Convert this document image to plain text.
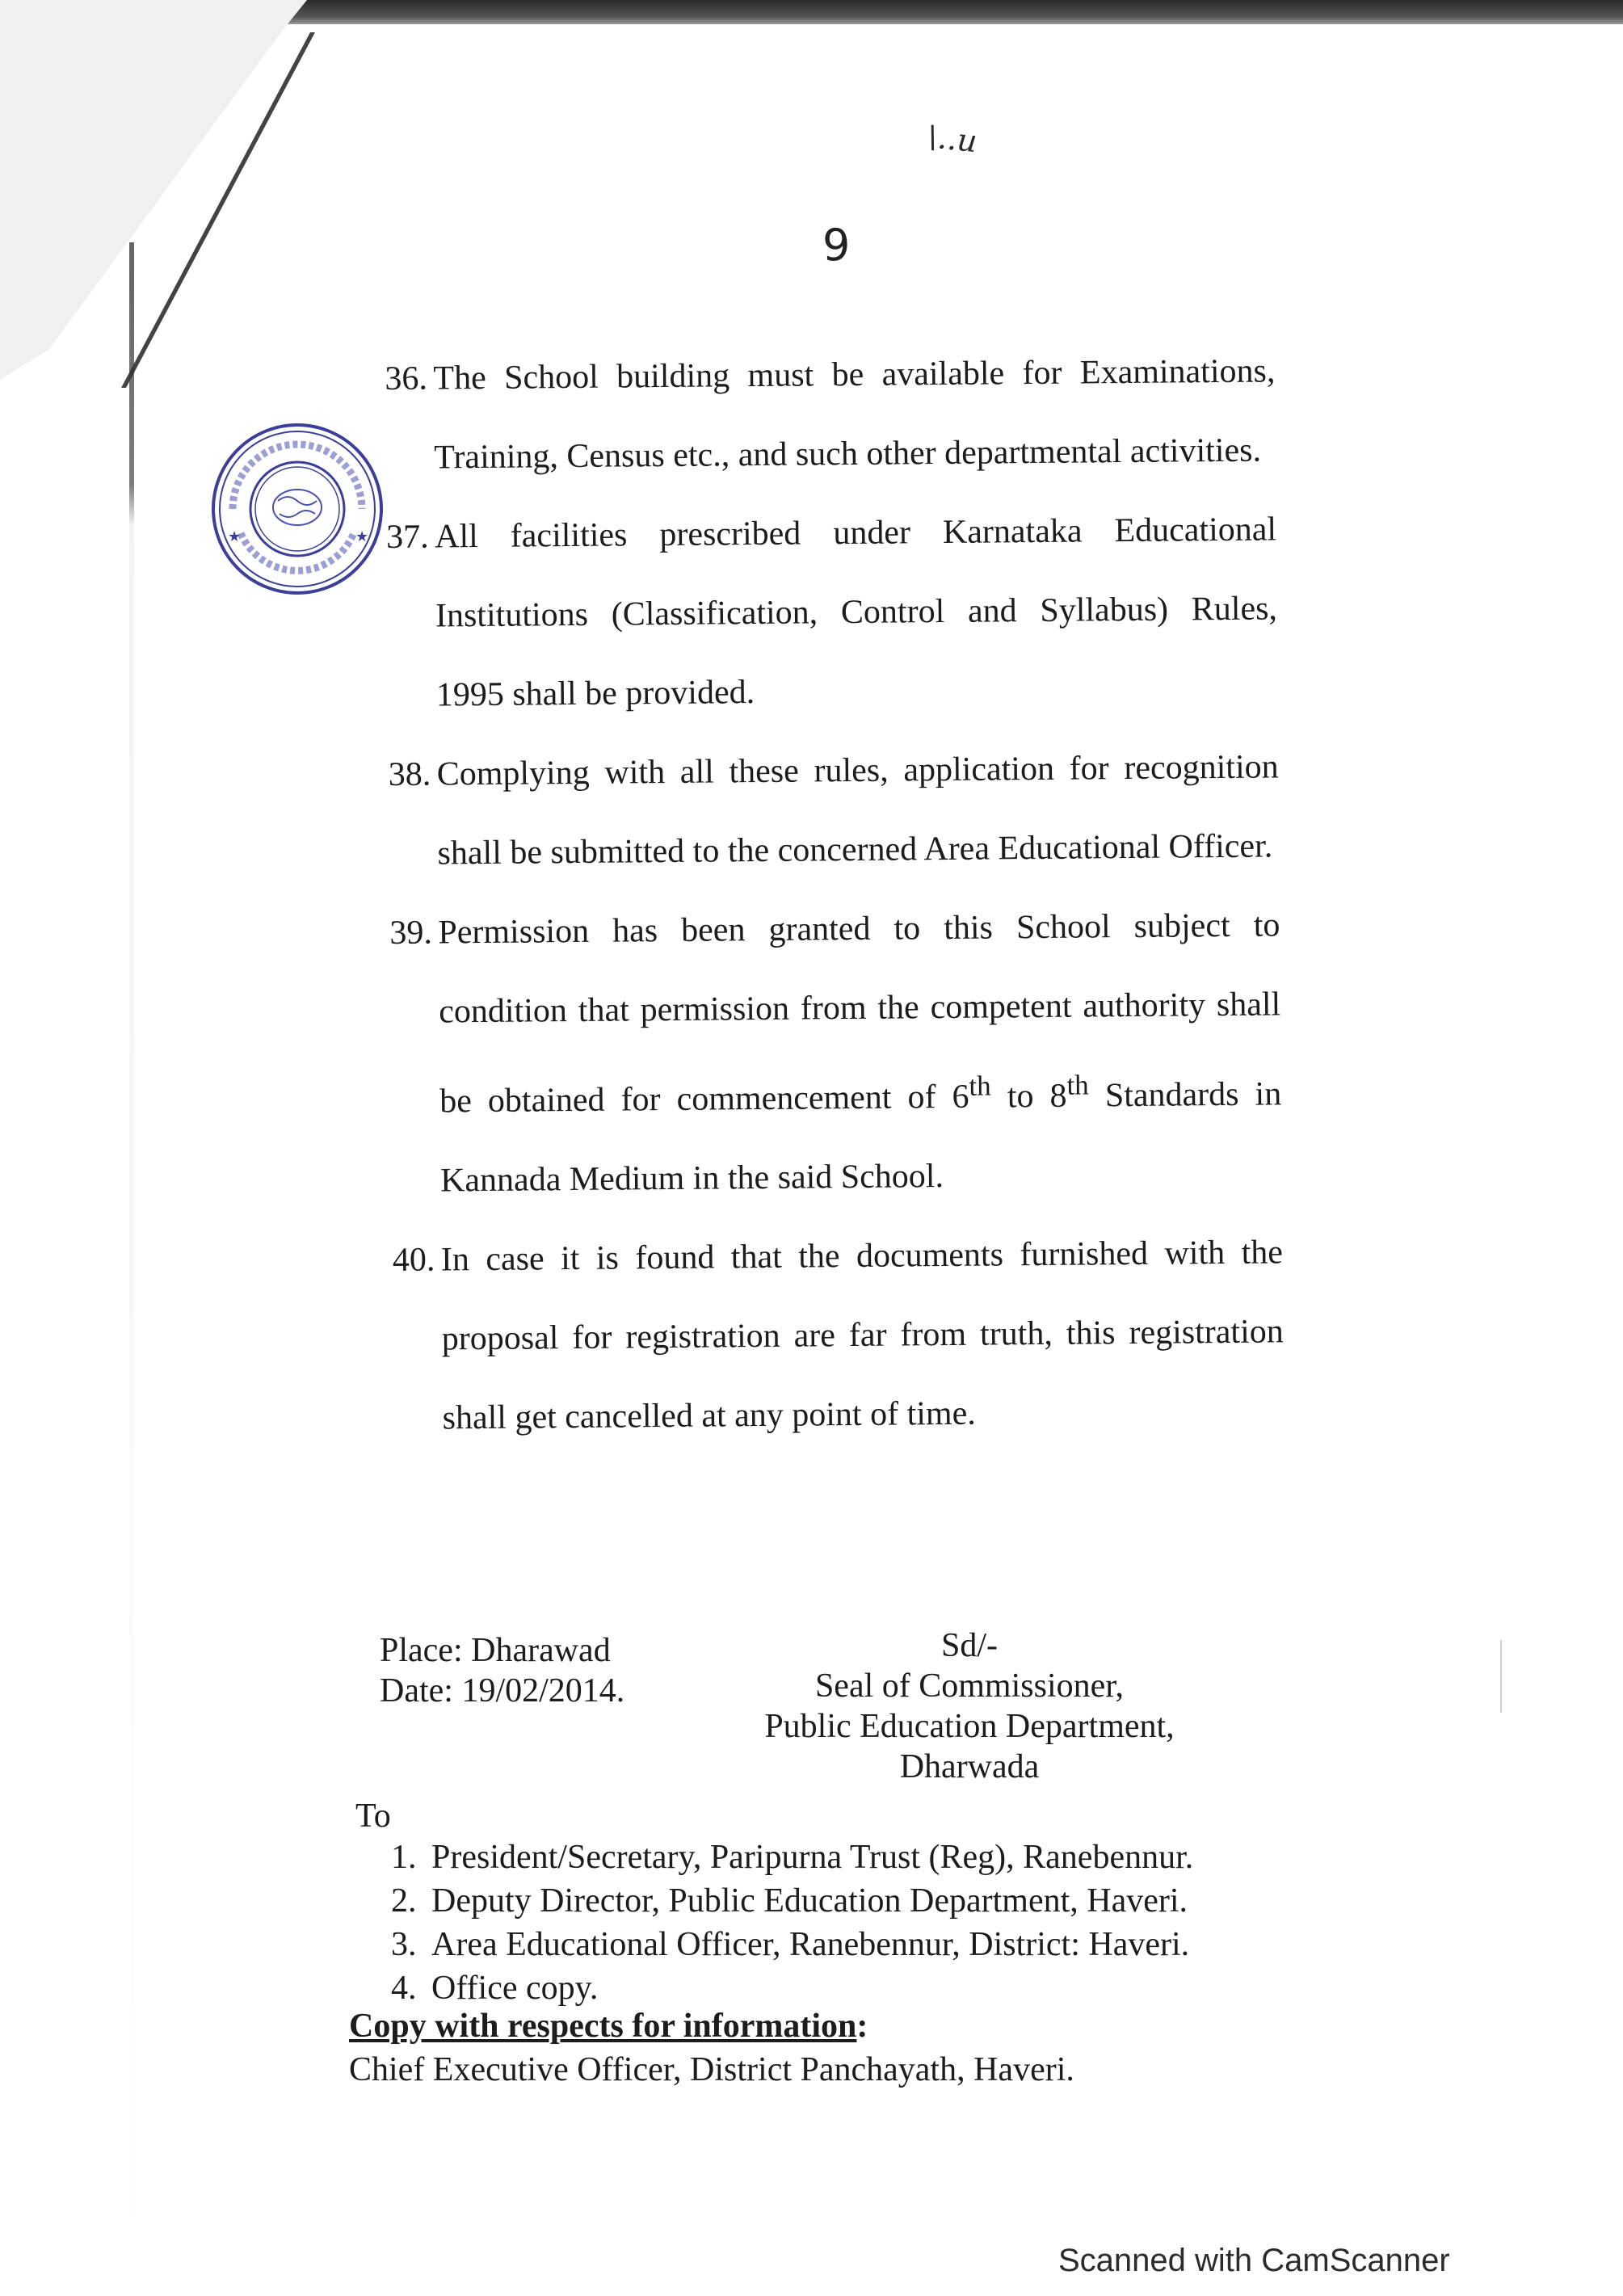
\..u
9
★
★
36. The School building must be available for Examinations, Training, Census etc., and such other departmental activities.
37. All facilities prescribed under Karnataka Educational Institutions (Classification, Control and Syllabus) Rules, 1995 shall be provided.
38. Complying with all these rules, application for recognition shall be submitted to the concerned Area Educational Officer.
39. Permission has been granted to this School subject to condition that permission from the competent authority shall be obtained for commencement of 6th to 8th Standards in Kannada Medium in the said School.
40. In case it is found that the documents furnished with the proposal for registration are far from truth, this registration shall get cancelled at any point of time.
Place: Dharawad
Date: 19/02/2014.
Sd/-
Seal of Commissioner,
Public Education Department,
Dharwada
To
1. President/Secretary, Paripurna Trust (Reg), Ranebennur.
2. Deputy Director, Public Education Department, Haveri.
3. Area Educational Officer, Ranebennur, District: Haveri.
4. Office copy.
Copy with respects for information:
Chief Executive Officer, District Panchayath, Haveri.
Scanned with CamScanner
